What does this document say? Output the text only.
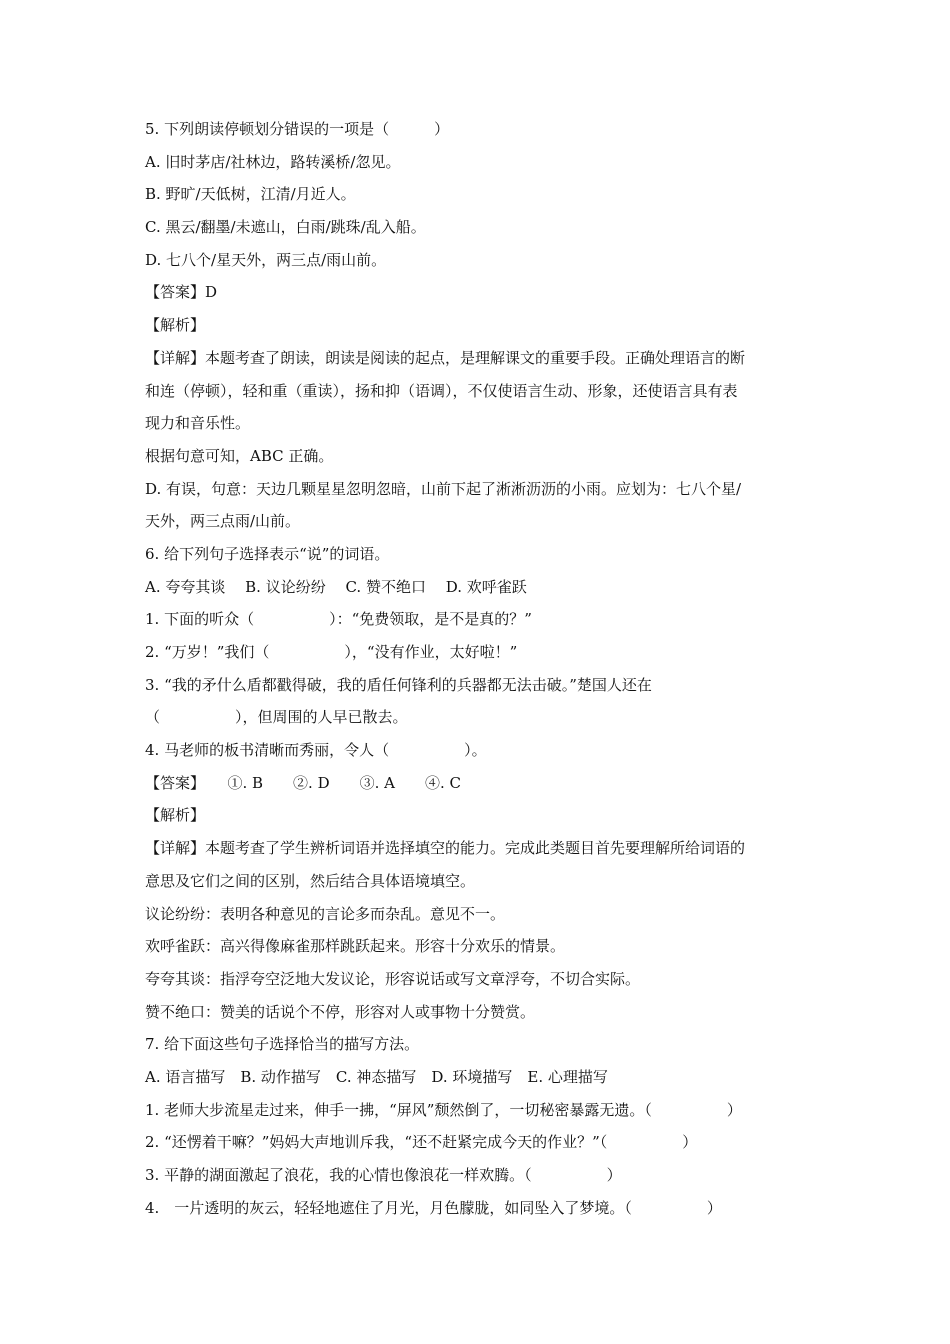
5. 下列朗读停顿划分错误的一项是（　　　）
A. 旧时茅店/社林边，路转溪桥/忽见。
B. 野旷/天低树，江清/月近人。
C. 黑云/翻墨/未遮山，白雨/跳珠/乱入船。
D. 七八个/星天外，两三点/雨山前。
【答案】D
【解析】
【详解】本题考查了朗读，朗读是阅读的起点，是理解课文的重要手段。正确处理语言的断
和连（停顿），轻和重（重读），扬和抑（语调），不仅使语言生动、形象，还使语言具有表
现力和音乐性。
根据句意可知，ABC 正确。
D. 有误，句意：天边几颗星星忽明忽暗，山前下起了淅淅沥沥的小雨。应划为：七八个星/
天外，两三点雨/山前。
6. 给下列句子选择表示“说”的词语。
A. 夸夸其谈　 B. 议论纷纷　 C. 赞不绝口　 D. 欢呼雀跃
1. 下面的听众（　　　　　）：“免费领取，是不是真的？”
2. “万岁！”我们（　　　　　），“没有作业，太好啦！”
3. “我的矛什么盾都戳得破，我的盾任何锋利的兵器都无法击破。”楚国人还在
（　　　　　），但周围的人早已散去。
4. 马老师的板书清晰而秀丽，令人（　　　　　）。
【答案】　　①. B　　②. D　　③. A　　④. C
【解析】
【详解】本题考查了学生辨析词语并选择填空的能力。完成此类题目首先要理解所给词语的
意思及它们之间的区别，然后结合具体语境填空。
议论纷纷：表明各种意见的言论多而杂乱。意见不一。
欢呼雀跃：高兴得像麻雀那样跳跃起来。形容十分欢乐的情景。
夸夸其谈：指浮夸空泛地大发议论，形容说话或写文章浮夸，不切合实际。
赞不绝口：赞美的话说个不停，形容对人或事物十分赞赏。
7. 给下面这些句子选择恰当的描写方法。
A. 语言描写　B. 动作描写　C. 神态描写　D. 环境描写　E. 心理描写
1. 老师大步流星走过来，伸手一拂，“屏风”颓然倒了，一切秘密暴露无遗。（　　　　　）
2. “还愣着干嘛？”妈妈大声地训斥我，“还不赶紧完成今天的作业？”（　　　　　）
3. 平静的湖面激起了浪花，我的心情也像浪花一样欢腾。（　　　　　）
4.　一片透明的灰云，轻轻地遮住了月光，月色朦胧，如同坠入了梦境。（　　　　　）
